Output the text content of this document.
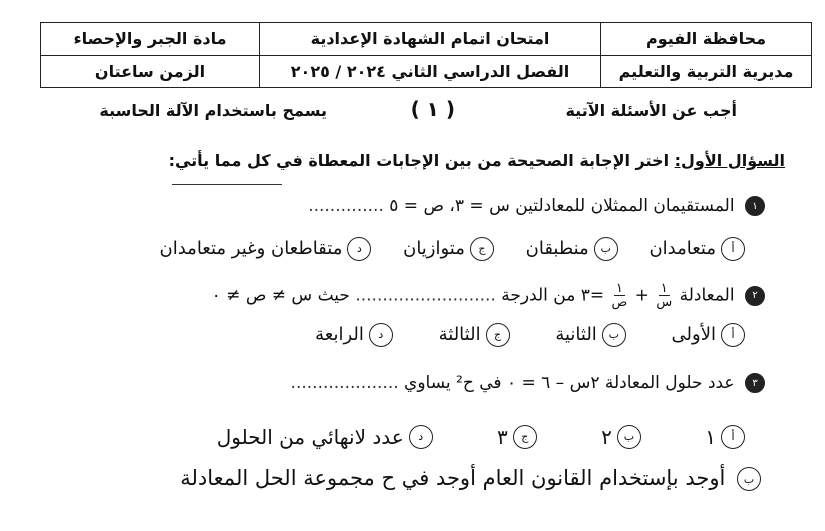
محافظة الفيوم
مديرية التربية والتعليم
امتحان اتمام الشهادة الإعدادية
الفصل الدراسي الثاني ٢٠٢٤ / ٢٠٢٥
مادة الجبر والإحصاء
الزمن ساعتان
أجب عن الأسئلة الآتية
( ١ )
يسمح باستخدام الآلة الحاسبة
السؤال الأول: اختر الإجابة الصحيحة من بين الإجابات المعطاة في كل مما يأتي:
١ المستقيمان الممثلان للمعادلتين س = ٣، ص = ٥ ..............
أ
متعامدان

ب
منطبقان

ج
متوازيان

د
متقاطعان وغير متعامدان
٢ المعادلة
$\frac{١}{\text{س}}$
+
$\frac{١}{\text{ص}}$
=٣ من الدرجة .......................... حيث س ≠ ص ≠ ٠
أ
الأولى

ب
الثانية

ج
الثالثة

د
الرابعة
٣ عدد حلول المعادلة ٢س – ٦ = ٠ في ح² يساوي ....................
أ
١

ب
٢

ج
٣

د
عدد لانهائي من الحلول
ب أوجد بإستخدام القانون العام أوجد في ح مجموعة الحل المعادلة
